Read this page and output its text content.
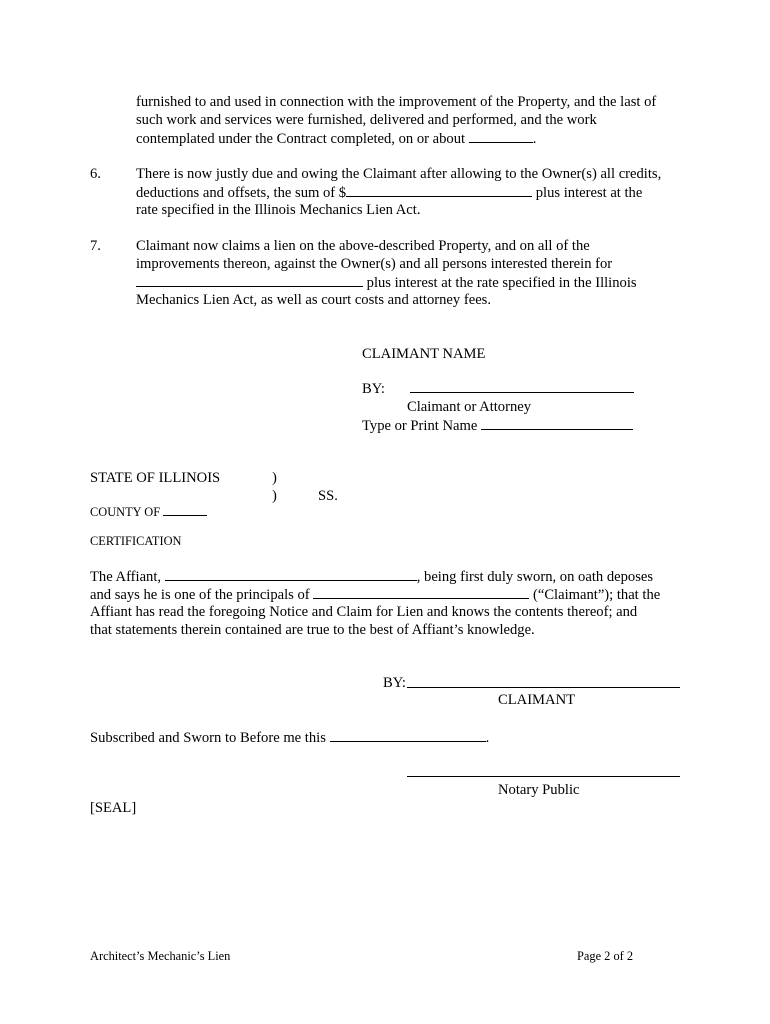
furnished to and used in connection with the improvement of the Property, and the last of
such work and services were furnished, delivered and performed, and the work
contemplated under the Contract completed, on or about	.
6. There is now justly due and owing the Claimant after allowing to the Owner(s) all credits,
deductions and offsets, the sum of $	plus interest at the
rate specified in the Illinois Mechanics Lien Act.
7. Claimant now claims a lien on the above-described Property, and on all of the
improvements thereon, against the Owner(s) and all persons interested therein for
plus interest at the rate specified in the Illinois
Mechanics Lien Act, as well as court costs and attorney fees.
CLAIMANT NAME
BY:
Claimant or Attorney
Type or Print Name
STATE OF ILLINOIS	)
)	SS.
COUNTY OF
CERTIFICATION
The Affiant,	, being first duly sworn, on oath deposes
and says he is one of the principals of	(“Claimant”); that the
Affiant has read the foregoing Notice and Claim for Lien and knows the contents thereof; and
that statements therein contained are true to the best of Affiant’s knowledge.
BY:
CLAIMANT
Subscribed and Sworn to Before me this	.
Notary Public
[SEAL]
Architect’s Mechanic’s Lien	Page 2 of 2
